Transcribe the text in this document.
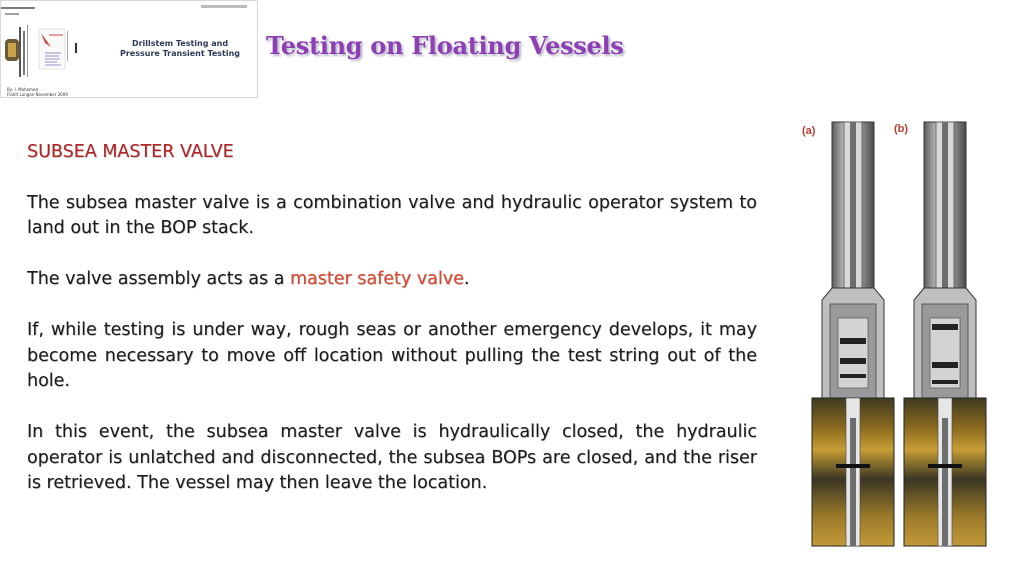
Drillstem Testing and
Pressure Transient Testing
By: I. Mohamed
Flatlit Lungan November 2009
Testing on Floating Vessels
SUBSEA MASTER VALVE
The subsea master valve is a combination valve and hydraulic operator system to land out in the BOP stack.
The valve assembly acts as a master safety valve.
If, while testing is under way, rough seas or another emergency develops, it may become necessary to move off location without pulling the test string out of the hole.
In this event, the subsea master valve is hydraulically closed, the hydraulic operator is unlatched and disconnected, the subsea BOPs are closed, and the riser is retrieved. The vessel may then leave the location.
(a)	(b)
